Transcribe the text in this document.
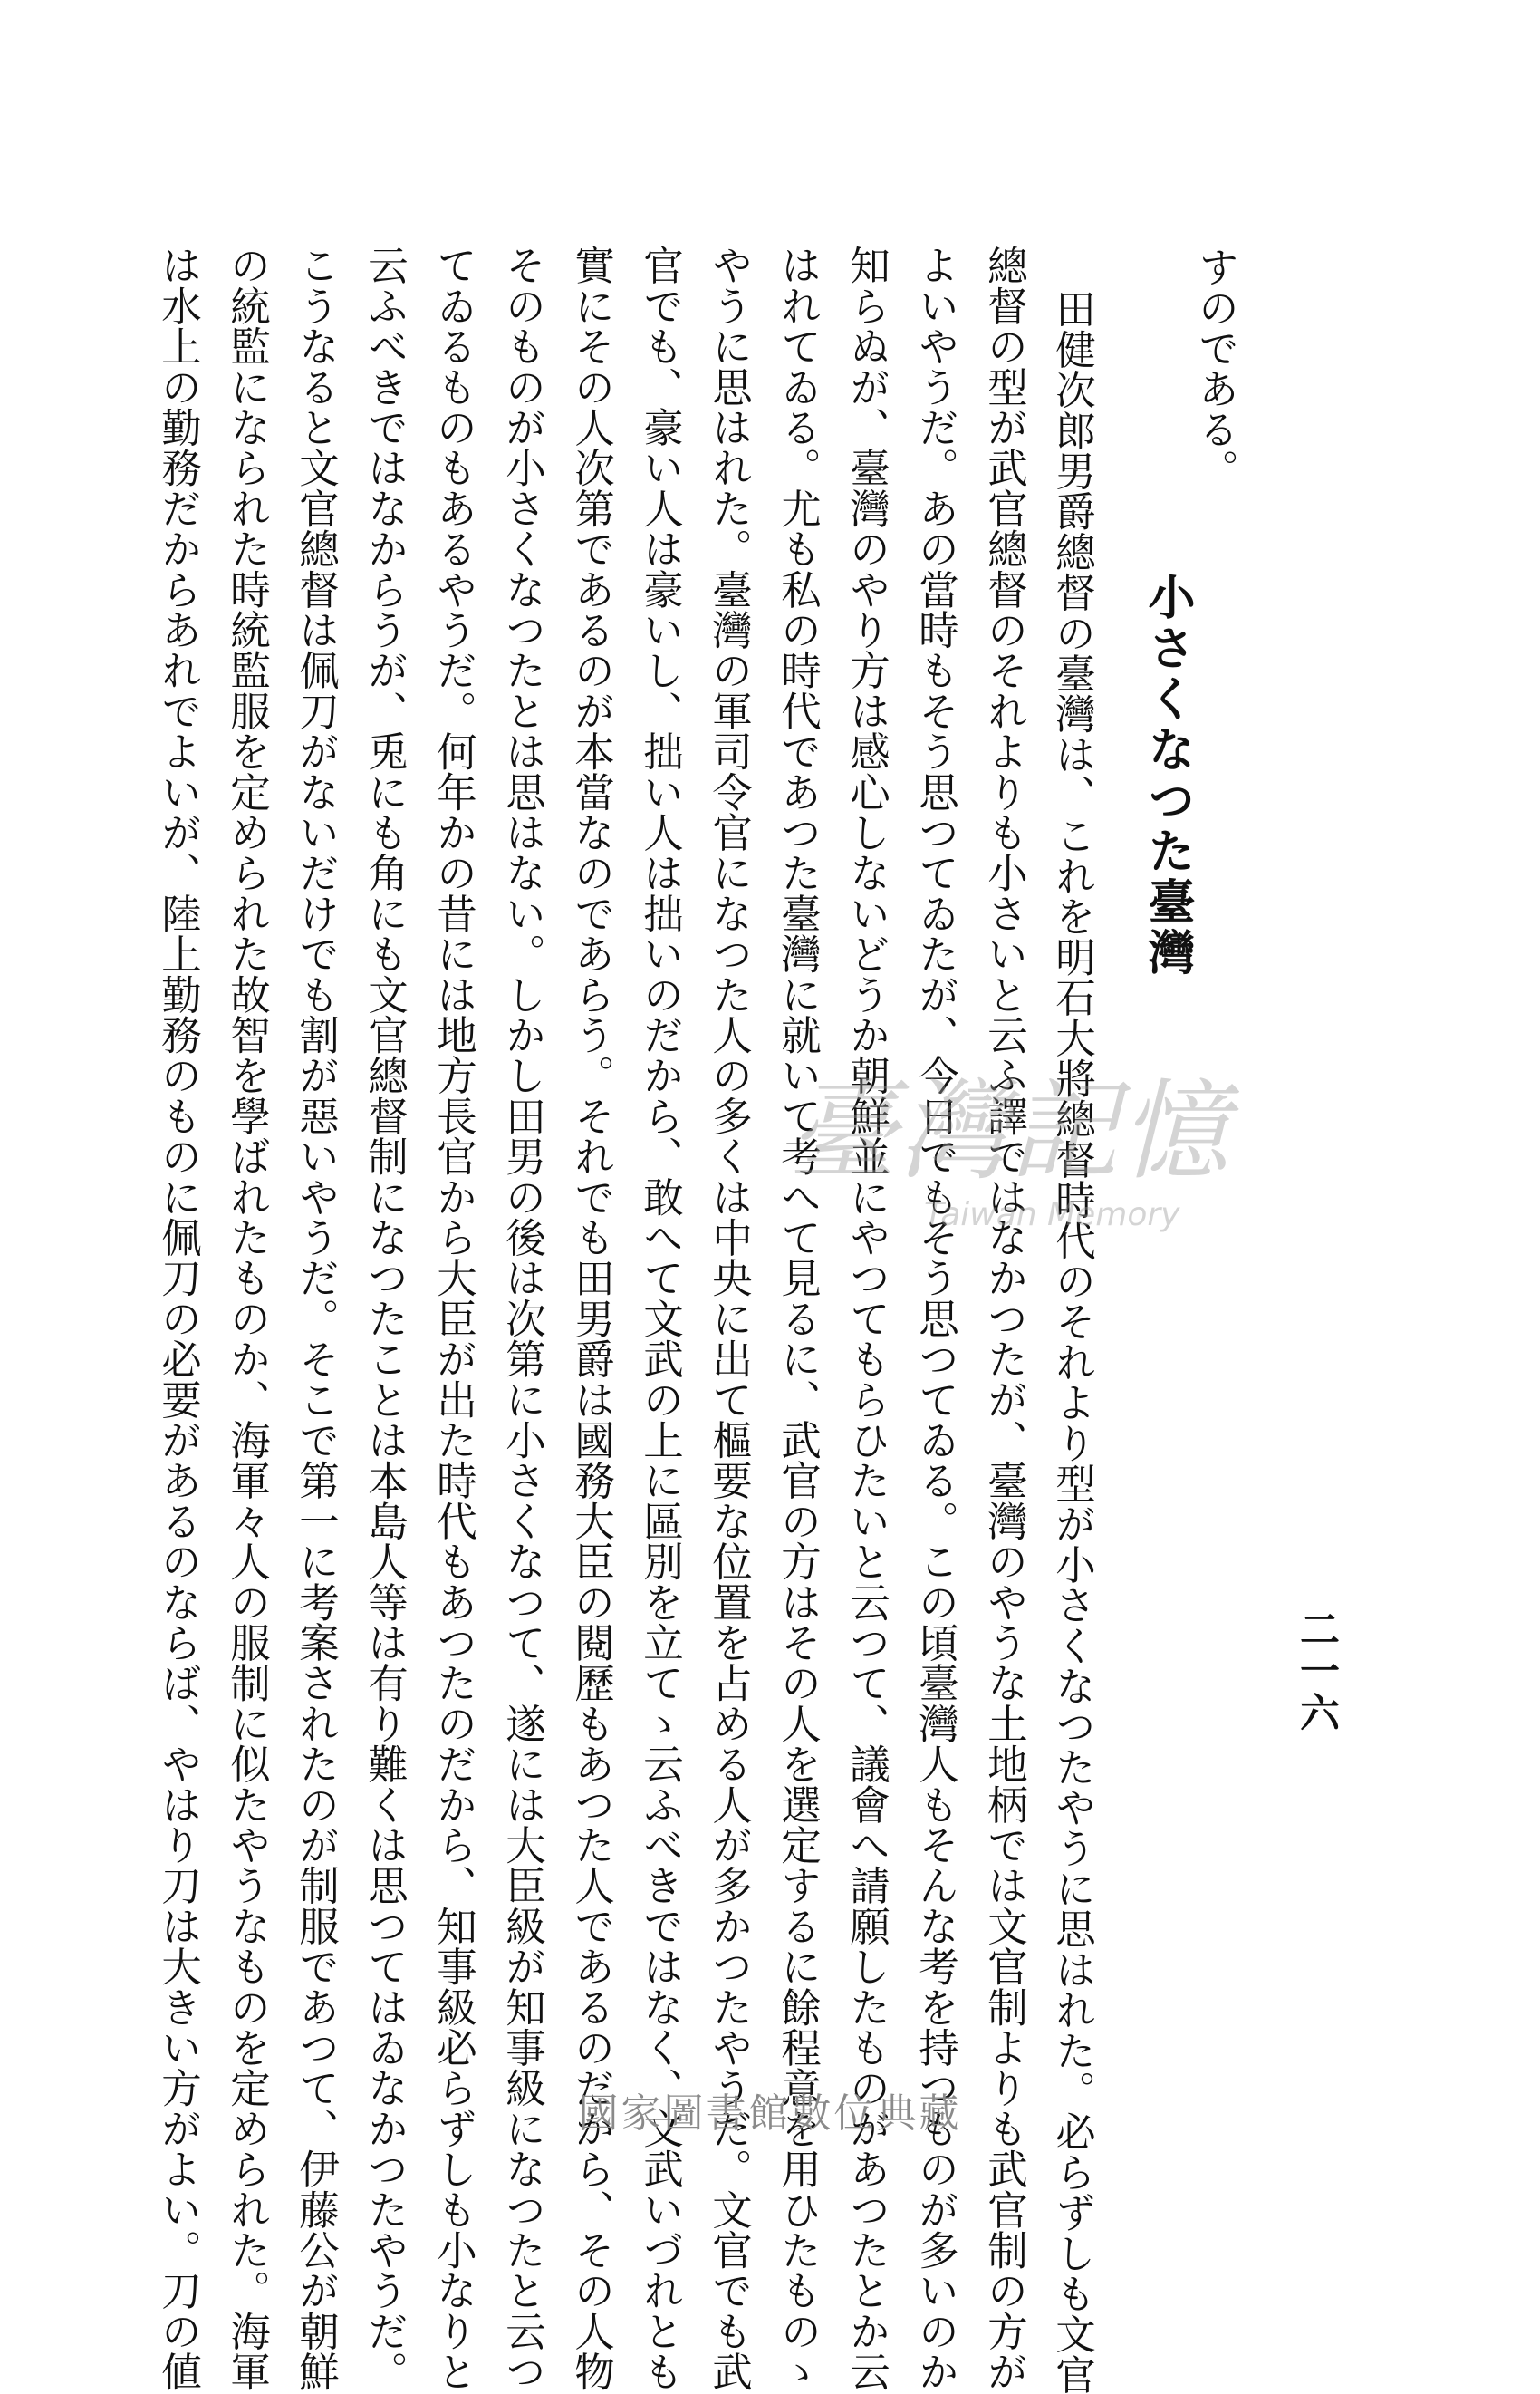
二一六
すのである。
小さくなつた臺灣
田健次郎男爵總督の臺灣は、これを明石大將總督時代のそれより型が小さくなつたやうに思はれた。必らずしも文官
總督の型が武官總督のそれよりも小さいと云ふ譯ではなかつたが、臺灣のやうな土地柄では文官制よりも武官制の方が
よいやうだ。あの當時もそう思つてゐたが、今日でもそう思つてゐる。この頃臺灣人もそんな考を持つものが多いのか
知らぬが、臺灣のやり方は感心しないどうか朝鮮並にやつてもらひたいと云つて、議會へ請願したものがあつたとか云
はれてゐる。尤も私の時代であつた臺灣に就いて考へて見るに、武官の方はその人を選定するに餘程意を用ひたものゝ
やうに思はれた。臺灣の軍司令官になつた人の多くは中央に出て樞要な位置を占める人が多かつたやうだ。文官でも武
官でも、豪い人は豪いし、拙い人は拙いのだから、敢へて文武の上に區別を立てゝ云ふべきではなく、文武いづれとも
實にその人次第であるのが本當なのであらう。それでも田男爵は國務大臣の閱歷もあつた人であるのだから、その人物
そのものが小さくなつたとは思はない。しかし田男の後は次第に小さくなつて、遂には大臣級が知事級になつたと云つ
てゐるものもあるやうだ。何年かの昔には地方長官から大臣が出た時代もあつたのだから、知事級必らずしも小なりと
云ふべきではなからうが、兎にも角にも文官總督制になつたことは本島人等は有り難くは思つてはゐなかつたやうだ。
こうなると文官總督は佩刀がないだけでも割が惡いやうだ。そこで第一に考案されたのが制服であつて、伊藤公が朝鮮
の統監になられた時統監服を定められた故智を學ばれたものか、海軍々人の服制に似たやうなものを定められた。海軍
は水上の勤務だからあれでよいが、陸上勤務のものに佩刀の必要があるのならば、やはり刀は大きい方がよい。刀の値	臺灣記憶
Taiwan Memory
國家圖書館數位典藏
